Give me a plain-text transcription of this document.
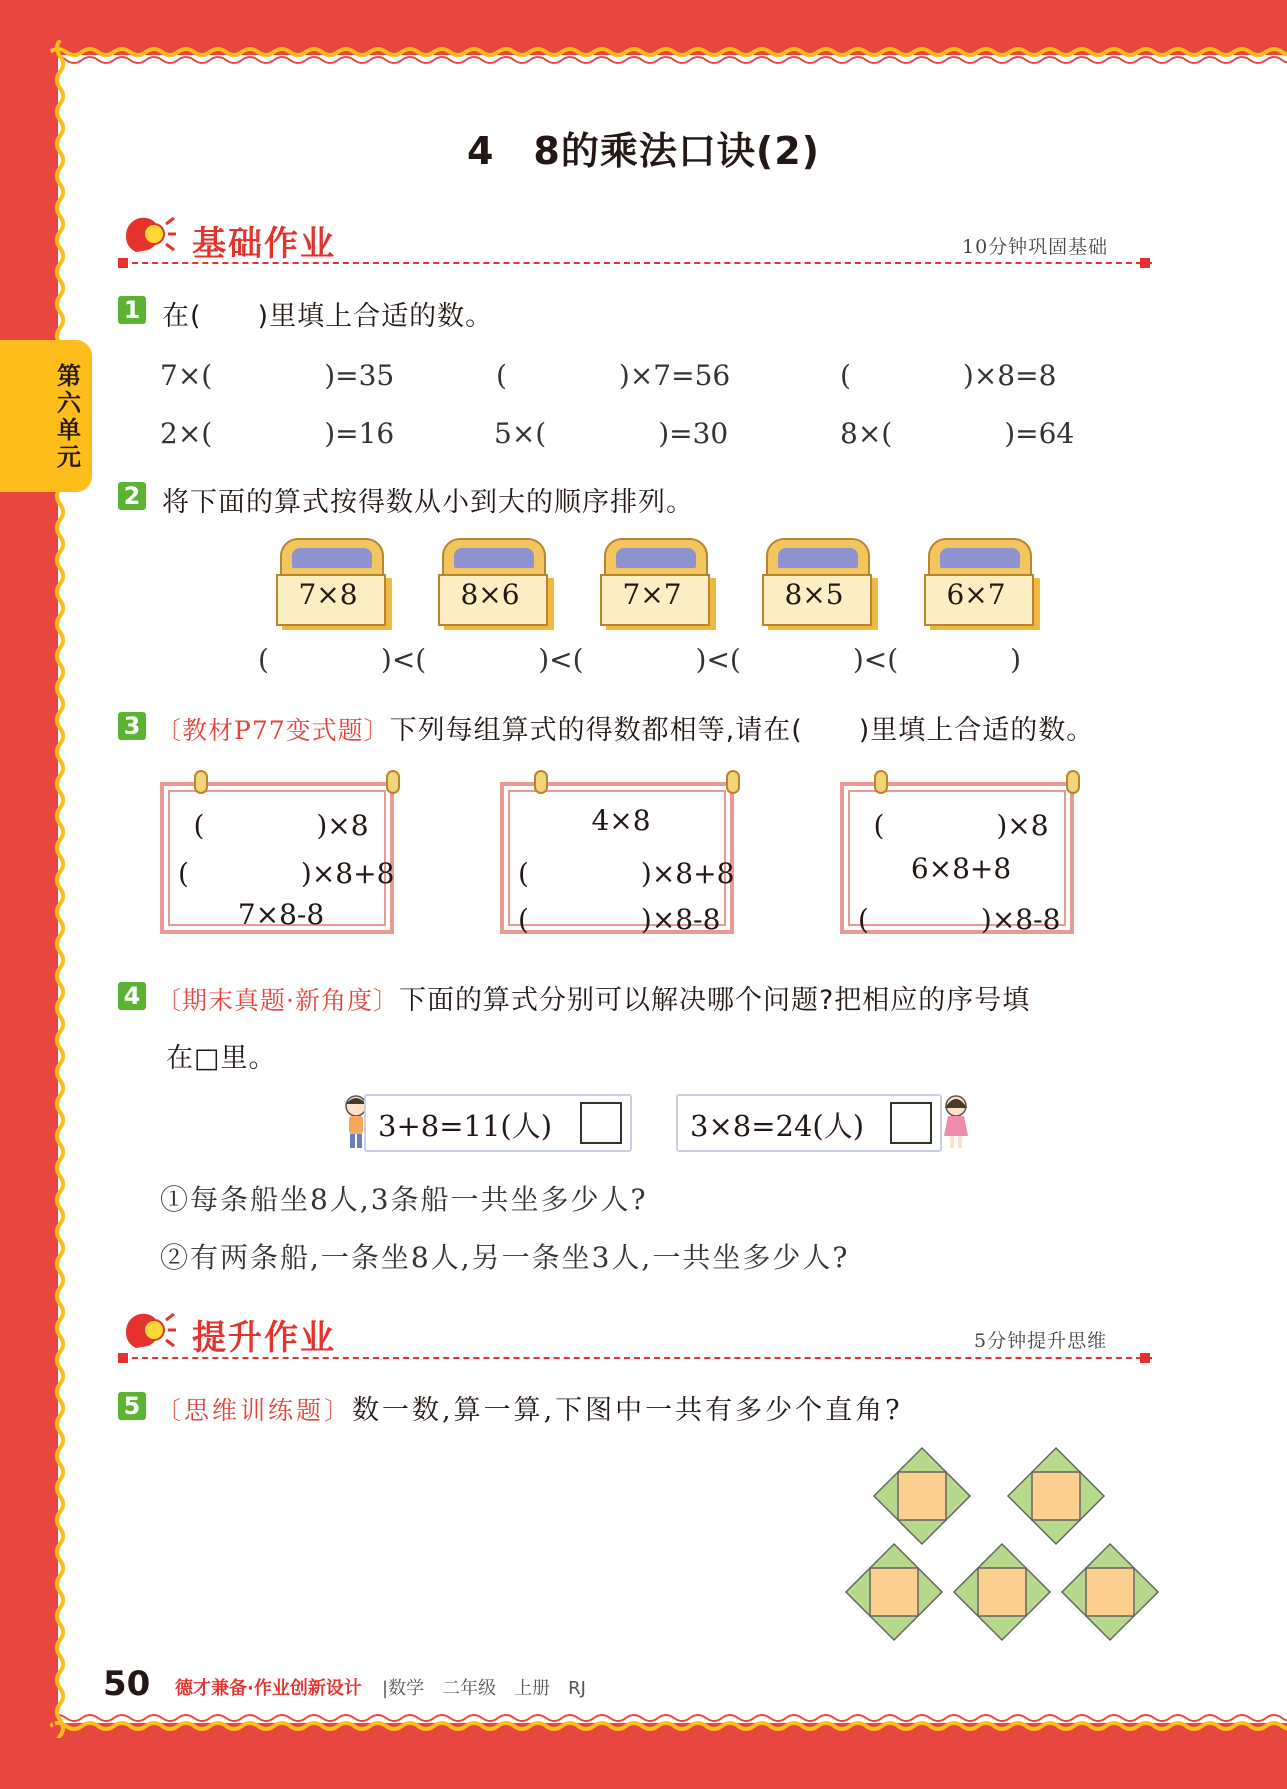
4　8的乘法口诀(2)
第六单元
基础作业	10分钟巩固基础
1 在(　　)里填上合适的数。
7×(　　　　)=35	(　　　　)×7=56	(　　　　)×8=8
2×(　　　　)=16	5×(　　　　)=30	8×(　　　　)=64
2 将下面的算式按得数从小到大的顺序排列。
7×8	8×6	7×7	8×5	6×7
(　　　　)<(　　　　)<(　　　　)<(　　　　)<(　　　　)
3 〔教材P77变式题〕下列每组算式的得数都相等,请在(　　)里填上合适的数。
(　　　　)×8
(　　　　)×8+8
7×8-8
4×8
(　　　　)×8+8
(　　　　)×8-8
(　　　　)×8
6×8+8
(　　　　)×8-8
4 〔期末真题·新角度〕下面的算式分别可以解决哪个问题?把相应的序号填
在□里。
3+8=11(人)	3×8=24(人)
①每条船坐8人,3条船一共坐多少人?
②有两条船,一条坐8人,另一条坐3人,一共坐多少人?
提升作业	5分钟提升思维
5 〔思维训练题〕数一数,算一算,下图中一共有多少个直角?
50 德才兼备·作业创新设计 |数学　二年级　上册　RJ
